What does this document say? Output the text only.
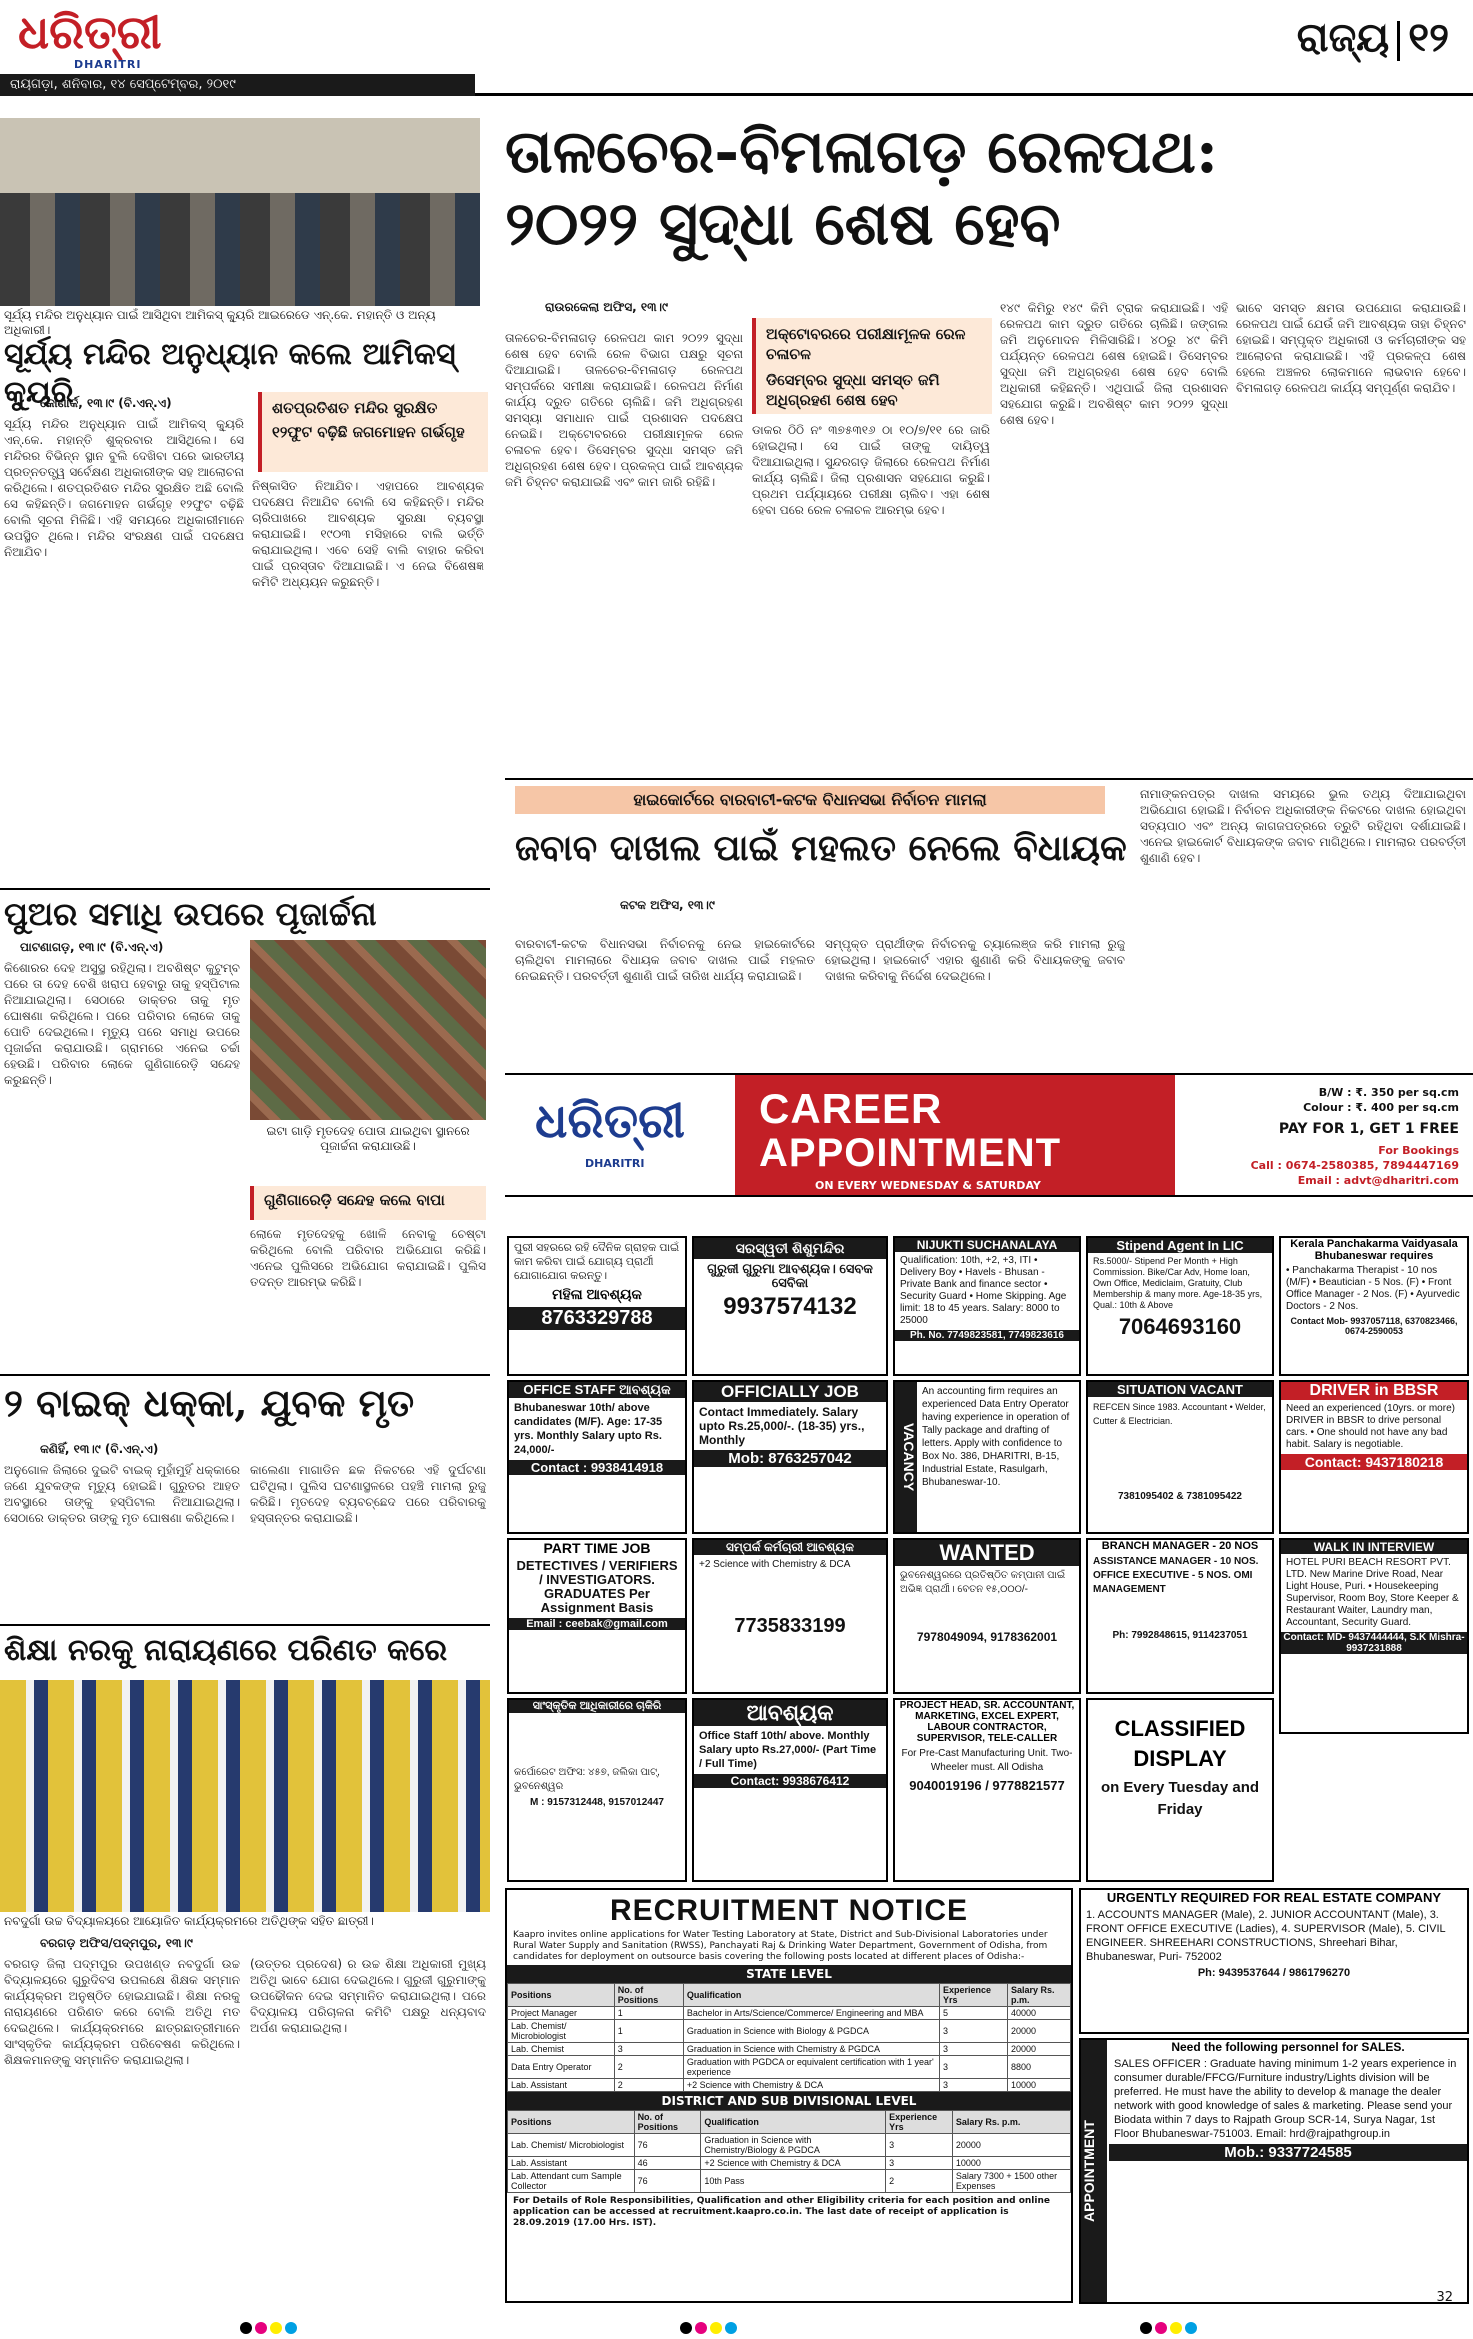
ଧରିତ୍ରୀ
DHARITRI
ରାୟଗଡ଼ା, ଶନିବାର, ୧୪ ସେପ୍ଟେମ୍ବର, ୨୦୧୯
ରାଜ୍ୟ ୧୨
ତାଳଚେର-ବିମଳାଗଡ଼ ରେଳପଥ:
୨୦୨୨ ସୁଦ୍ଧା ଶେଷ ହେବ
ରାଉରକେଲା ଅଫିସ, ୧୩।୯

ଅକ୍ଟୋବରରେ ପରୀକ୍ଷାମୂଳକ ରେଳ ଚଳାଚଳ

ଡିସେମ୍ବର ସୁଦ୍ଧା ସମସ୍ତ ଜମି ଅଧିଗ୍ରହଣ ଶେଷ ହେବ

ତାଳଚେର-ବିମଳାଗଡ଼ ରେଳପଥ କାମ ୨୦୨୨ ସୁଦ୍ଧା ଶେଷ ହେବ ବୋଲି ରେଳ ବିଭାଗ ପକ୍ଷରୁ ସୂଚନା ଦିଆଯାଇଛି। ତାଳଚେର-ବିମଳାଗଡ଼ ରେଳପଥ ସମ୍ପର୍କରେ ସମୀକ୍ଷା କରାଯାଇଛି। ରେଳପଥ ନିର୍ମାଣ କାର୍ଯ୍ୟ ଦ୍ରୁତ ଗତିରେ ଚାଲିଛି। ଜମି ଅଧିଗ୍ରହଣ ସମସ୍ୟା ସମାଧାନ ପାଇଁ ପ୍ରଶାସନ ପଦକ୍ଷେପ ନେଇଛି। ଅକ୍ଟୋବରରେ ପରୀକ୍ଷାମୂଳକ ରେଳ ଚଳାଚଳ ହେବ। ଡିସେମ୍ବର ସୁଦ୍ଧା ସମସ୍ତ ଜମି ଅଧିଗ୍ରହଣ ଶେଷ ହେବ। ପ୍ରକଳ୍ପ ପାଇଁ ଆବଶ୍ୟକ ଜମି ଚିହ୍ନଟ କରାଯାଇଛି ଏବଂ କାମ ଜାରି ରହିଛି।
ଡାକର ଠିଠି ନଂ ୩୭୫୩୧୬ ଠା ୧୦/୭/୧୧ ରେ ଜାରି ହୋଇଥିଲା। ସେ ପାଇଁ ତାଙ୍କୁ ଦାୟିତ୍ୱ ଦିଆଯାଇଥିଲା। ସୁନ୍ଦରଗଡ଼ ଜିଲାରେ ରେଳପଥ ନିର୍ମାଣ କାର୍ଯ୍ୟ ଚାଲିଛି। ଜିଲା ପ୍ରଶାସନ ସହଯୋଗ କରୁଛି। ପ୍ରଥମ ପର୍ଯ୍ୟାୟରେ ପରୀକ୍ଷା ଚାଲିବ। ଏହା ଶେଷ ହେବା ପରେ ରେଳ ଚଳାଚଳ ଆରମ୍ଭ ହେବ।
୧୪୯ କିମିରୁ ୧୪୯ କିମି ଟ୍ରାକ କରାଯାଇଛି। ଏହି ରେଳପଥ କାମ ଦ୍ରୁତ ଗତିରେ ଚାଲିଛି। ଜଙ୍ଗଲ ଜମି ଅନୁମୋଦନ ମିଳିସାରିଛି। ୪୦ରୁ ୪୯ କିମି ପର୍ଯ୍ୟନ୍ତ ରେଳପଥ ଶେଷ ହୋଇଛି। ଡିସେମ୍ବର ସୁଦ୍ଧା ଜମି ଅଧିଗ୍ରହଣ ଶେଷ ହେବ ବୋଲି ଅଧିକାରୀ କହିଛନ୍ତି। ଏଥିପାଇଁ ଜିଲା ପ୍ରଶାସନ ସହଯୋଗ କରୁଛି। ଅବଶିଷ୍ଟ କାମ ୨୦୨୨ ସୁଦ୍ଧା ଶେଷ ହେବ।
ଭାବେ ସମସ୍ତ କ୍ଷମତା ଉପଯୋଗ କରାଯାଉଛି। ରେଳପଥ ପାଇଁ ଯେଉଁ ଜମି ଆବଶ୍ୟକ ତାହା ଚିହ୍ନଟ ହୋଇଛି। ସମ୍ପୃକ୍ତ ଅଧିକାରୀ ଓ କର୍ମଚାରୀଙ୍କ ସହ ଆଲୋଚନା କରାଯାଇଛି। ଏହି ପ୍ରକଳ୍ପ ଶେଷ ହେଲେ ଅଞ୍ଚଳର ଲୋକମାନେ ଲାଭବାନ ହେବେ। ବିମଳାଗଡ଼ ରେଳପଥ କାର୍ଯ୍ୟ ସମ୍ପୂର୍ଣ୍ଣ କରାଯିବ।
ସୂର୍ଯ୍ୟ ମନ୍ଦିର ଅନୁଧ୍ୟାନ ପାଇଁ ଆସିଥିବା ଆମିକସ୍ କ୍ୟୁରି ଆଇରେଡେ ଏନ୍.କେ. ମହାନ୍ତି ଓ ଅନ୍ୟ ଅଧିକାରୀ।
ସୂର୍ଯ୍ୟ ମନ୍ଦିର ଅନୁଧ୍ୟାନ କଲେ ଆମିକସ୍ କ୍ୟୁରି
କୋଣାର୍କ, ୧୩।୯ (ବି.ଏନ୍.ଏ)	ଶତପ୍ରତିଶତ ମନ୍ଦିର ସୁରକ୍ଷିତ

୧୨ଫୁଟ ବଢ଼ିଛି ଜଗମୋହନ ଗର୍ଭଗୃହ

ସୂର୍ଯ୍ୟ ମନ୍ଦିର ଅନୁଧ୍ୟାନ ପାଇଁ ଆମିକସ୍ କ୍ୟୁରି ଏନ୍.କେ. ମହାନ୍ତି ଶୁକ୍ରବାର ଆସିଥିଲେ। ସେ ମନ୍ଦିରର ବିଭିନ୍ନ ସ୍ଥାନ ବୁଲି ଦେଖିବା ପରେ ଭାରତୀୟ ପ୍ରତ୍ନତତ୍ତ୍ୱ ସର୍ବେକ୍ଷଣ ଅଧିକାରୀଙ୍କ ସହ ଆଲୋଚନା କରିଥିଲେ। ଶତପ୍ରତିଶତ ମନ୍ଦିର ସୁରକ୍ଷିତ ଅଛି ବୋଲି ସେ କହିଛନ୍ତି। ଜଗମୋହନ ଗର୍ଭଗୃହ ୧୨ଫୁଟ ବଢ଼ିଛି ବୋଲି ସୂଚନା ମିଳିଛି। ଏହି ସମୟରେ ଅଧିକାରୀମାନେ ଉପସ୍ଥିତ ଥିଲେ। ମନ୍ଦିର ସଂରକ୍ଷଣ ପାଇଁ ପଦକ୍ଷେପ ନିଆଯିବ।
ନିଷ୍କାସିତ ନିଆଯିବ। ଏହାପରେ ଆବଶ୍ୟକ ପଦକ୍ଷେପ ନିଆଯିବ ବୋଲି ସେ କହିଛନ୍ତି। ମନ୍ଦିର ଚାରିପାଖରେ ଆବଶ୍ୟକ ସୁରକ୍ଷା ବ୍ୟବସ୍ଥା କରାଯାଇଛି। ୧୯୦୩ ମସିହାରେ ବାଲି ଭର୍ତ୍ତି କରାଯାଇଥିଲା। ଏବେ ସେହି ବାଲି ବାହାର କରିବା ପାଇଁ ପ୍ରସ୍ତାବ ଦିଆଯାଇଛି। ଏ ନେଇ ବିଶେଷଜ୍ଞ କମିଟି ଅଧ୍ୟୟନ କରୁଛନ୍ତି।
ପୁଅର ସମାଧି ଉପରେ ପୂଜାର୍ଚ୍ଚନା
ପାଟଣାଗଡ଼, ୧୩।୯ (ବି.ଏନ୍.ଏ)
କିଶୋରର ଦେହ ଅସୁସ୍ଥ ରହିଥିଲା। ଅବଶିଷ୍ଟ କୁଟୁମ୍ବ ପରେ ତା ଦେହ ବେଶି ଖରାପ ହେବାରୁ ତାକୁ ହସ୍ପିଟାଲ ନିଆଯାଇଥିଲା। ସେଠାରେ ଡାକ୍ତର ତାକୁ ମୃତ ଘୋଷଣା କରିଥିଲେ। ପରେ ପରିବାର ଲୋକେ ତାକୁ ପୋତି ଦେଇଥିଲେ। ମୃତ୍ୟୁ ପରେ ସମାଧି ଉପରେ ପୂଜାର୍ଚ୍ଚନା କରାଯାଉଛି। ଗ୍ରାମରେ ଏନେଇ ଚର୍ଚ୍ଚା ହେଉଛି। ପରିବାର ଲୋକେ ଗୁଣିଗାରେଡ଼ି ସନ୍ଦେହ କରୁଛନ୍ତି।
ଇଟା ଗାଡ଼ି ମୃତଦେହ ପୋତା ଯାଇଥିବା ସ୍ଥାନରେ ପୂଜାର୍ଚ୍ଚନା କରାଯାଉଛି।

ଗୁଣିଗାରେଡ଼ି ସନ୍ଦେହ କଲେ ବାପା

ଲୋକେ ମୃତଦେହକୁ ଖୋଳି ନେବାକୁ ଚେଷ୍ଟା କରିଥିଲେ ବୋଲି ପରିବାର ଅଭିଯୋଗ କରିଛି। ଏନେଇ ପୁଲିସରେ ଅଭିଯୋଗ କରାଯାଇଛି। ପୁଲିସ ତଦନ୍ତ ଆରମ୍ଭ କରିଛି।
୨ ବାଇକ୍ ଧକ୍କା, ଯୁବକ ମୃତ
କଣିହିଁ, ୧୩।୯ (ବି.ଏନ୍.ଏ)
ଅନୁଗୋଳ ଜିଲାରେ ଦୁଇଟି ବାଇକ୍ ମୁହାଁମୁହିଁ ଧକ୍କାରେ ଜଣେ ଯୁବକଙ୍କ ମୃତ୍ୟୁ ହୋଇଛି। ଗୁରୁତର ଆହତ ଅବସ୍ଥାରେ ତାଙ୍କୁ ହସ୍ପିଟାଲ ନିଆଯାଇଥିଲା। ସେଠାରେ ଡାକ୍ତର ତାଙ୍କୁ ମୃତ ଘୋଷଣା କରିଥିଲେ।
କାଲେଣା ମାଗାଡିନ ଛକ ନିକଟରେ ଏହି ଦୁର୍ଘଟଣା ଘଟିଥିଲା। ପୁଲିସ ଘଟଣାସ୍ଥଳରେ ପହଞ୍ଚି ମାମଲା ରୁଜୁ କରିଛି। ମୃତଦେହ ବ୍ୟବଚ୍ଛେଦ ପରେ ପରିବାରକୁ ହସ୍ତାନ୍ତର କରାଯାଇଛି।
ଶିକ୍ଷା ନରକୁ ନାରାୟଣରେ ପରିଣତ କରେ
ନବଦୁର୍ଗା ଉଚ୍ଚ ବିଦ୍ୟାଳୟରେ ଆୟୋଜିତ କାର୍ଯ୍ୟକ୍ରମରେ ଅତିଥିଙ୍କ ସହିତ ଛାତ୍ରୀ।
ବରଗଡ଼ ଅଫିସ/ପଦ୍ମପୁର, ୧୩।୯
ବରଗଡ଼ ଜିଲା ପଦ୍ମପୁର ଉପଖଣ୍ଡ ନବଦୁର୍ଗା ଉଚ୍ଚ ବିଦ୍ୟାଳୟରେ ଗୁରୁଦିବସ ଉପଲକ୍ଷେ ଶିକ୍ଷକ ସମ୍ମାନ କାର୍ଯ୍ୟକ୍ରମ ଅନୁଷ୍ଠିତ ହୋଇଯାଇଛି। ଶିକ୍ଷା ନରକୁ ନାରାୟଣରେ ପରିଣତ କରେ ବୋଲି ଅତିଥି ମତ ଦେଇଥିଲେ। କାର୍ଯ୍ୟକ୍ରମରେ ଛାତ୍ରଛାତ୍ରୀମାନେ ସାଂସ୍କୃତିକ କାର୍ଯ୍ୟକ୍ରମ ପରିବେଷଣ କରିଥିଲେ। ଶିକ୍ଷକମାନଙ୍କୁ ସମ୍ମାନିତ କରାଯାଇଥିଲା।
(ଉତ୍ତର ପ୍ରଦେଶ) ର ଉଚ୍ଚ ଶିକ୍ଷା ଅଧିକାରୀ ମୁଖ୍ୟ ଅତିଥି ଭାବେ ଯୋଗ ଦେଇଥିଲେ। ଗୁରୁଜୀ ଗୁରୁମାଙ୍କୁ ଉପଢୌକନ ଦେଇ ସମ୍ମାନିତ କରାଯାଇଥିଲା। ପରେ ବିଦ୍ୟାଳୟ ପରିଚାଳନା କମିଟି ପକ୍ଷରୁ ଧନ୍ୟବାଦ ଅର୍ପଣ କରାଯାଇଥିଲା।
ହାଇକୋର୍ଟରେ ବାରବାଟୀ-କଟକ ବିଧାନସଭା ନିର୍ବାଚନ ମାମଲା
ଜବାବ ଦାଖଲ ପାଇଁ ମହଲତ ନେଲେ ବିଧାୟକ
କଟକ ଅଫିସ, ୧୩।୯
ବାରବାଟୀ-କଟକ ବିଧାନସଭା ନିର୍ବାଚନକୁ ନେଇ ହାଇକୋର୍ଟରେ ଚାଲିଥିବା ମାମଲାରେ ବିଧାୟକ ଜବାବ ଦାଖଲ ପାଇଁ ମହଲତ ନେଇଛନ୍ତି। ପରବର୍ତ୍ତୀ ଶୁଣାଣି ପାଇଁ ତାରିଖ ଧାର୍ଯ୍ୟ କରାଯାଇଛି।
ସମ୍ପୃକ୍ତ ପ୍ରାର୍ଥୀଙ୍କ ନିର୍ବାଚନକୁ ଚ୍ୟାଲେଞ୍ଜ କରି ମାମଲା ରୁଜୁ ହୋଇଥିଲା। ହାଇକୋର୍ଟ ଏହାର ଶୁଣାଣି କରି ବିଧାୟକଙ୍କୁ ଜବାବ ଦାଖଲ କରିବାକୁ ନିର୍ଦ୍ଦେଶ ଦେଇଥିଲେ।
ନାମାଙ୍କନପତ୍ର ଦାଖଲ ସମୟରେ ଭୁଲ ତଥ୍ୟ ଦିଆଯାଇଥିବା ଅଭିଯୋଗ ହୋଇଛି। ନିର୍ବାଚନ ଅଧିକାରୀଙ୍କ ନିକଟରେ ଦାଖଲ ହୋଇଥିବା ସତ୍ୟପାଠ ଏବଂ ଅନ୍ୟ କାଗଜପତ୍ରରେ ତ୍ରୁଟି ରହିଥିବା ଦର୍ଶାଯାଇଛି। ଏନେଇ ହାଇକୋର୍ଟ ବିଧାୟକଙ୍କ ଜବାବ ମାଗିଥିଲେ। ମାମଲାର ପରବର୍ତ୍ତୀ ଶୁଣାଣି ହେବ।
ଧରିତ୍ରୀ
DHARITRI
CAREER
APPOINTMENT
ON EVERY WEDNESDAY & SATURDAY
B/W : ₹. 350 per sq.cm
Colour : ₹. 400 per sq.cm
PAY FOR 1, GET 1 FREE
For Bookings
Call : 0674-2580385, 7894447169
Email : advt@dharitri.com
ପୁରୀ ସହରରେ ରହି ଦୈନିକ ଗ୍ରାହକ ପାଇଁ କାମ କରିବା ପାଇଁ ଯୋଗ୍ୟ ପ୍ରାର୍ଥୀ ଯୋଗାଯୋଗ କରନ୍ତୁ।
ମହିଳା ଆବଶ୍ୟକ
8763329788
ସରସ୍ୱତୀ ଶିଶୁମନ୍ଦିର
ଗୁରୁଜୀ ଗୁରୁମା ଆବଶ୍ୟକ। ସେବକ ସେବିକା
9937574132
NIJUKTI SUCHANALAYA
Qualification: 10th, +2, +3, ITI • Delivery Boy • Havels - Bhusan - Private Bank and finance sector • Security Guard • Home Skipping. Age limit: 18 to 45 years. Salary: 8000 to 25000
Ph. No. 7749823581, 7749823616
Stipend Agent In LIC
Rs.5000/- Stipend Per Month + High Commission. Bike/Car Adv, Home loan, Own Office, Mediclaim, Gratuity, Club Membership & many more. Age-18-35 yrs, Qual.: 10th & Above
7064693160
Kerala Panchakarma Vaidyasala Bhubaneswar requires
• Panchakarma Therapist - 10 nos (M/F) • Beautician - 5 Nos. (F) • Front Office Manager - 2 Nos. (F) • Ayurvedic Doctors - 2 Nos.
Contact Mob- 9937057118, 6370823466, 0674-2590053
OFFICE STAFF ଆବଶ୍ୟକ
Bhubaneswar 10th/ above candidates (M/F). Age: 17-35 yrs. Monthly Salary upto Rs. 24,000/-
Contact : 9938414918
OFFICIALLY JOB
Contact Immediately. Salary upto Rs.25,000/-. (18-35) yrs., Monthly
Mob: 8763257042	VACANCY
An accounting firm requires an experienced Data Entry Operator having experience in operation of Tally package and drafting of letters. Apply with confidence to Box No. 386, DHARITRI, B-15, Industrial Estate, Rasulgarh, Bhubaneswar-10.
SITUATION VACANT
REFCEN Since 1983. Accountant • Welder, Cutter & Electrician.
7381095402 & 7381095422
DRIVER in BBSR
Need an experienced (10yrs. or more) DRIVER in BBSR to drive personal cars. • One should not have any bad habit. Salary is negotiable.
Contact: 9437180218
PART TIME JOB
DETECTIVES / VERIFIERS / INVESTIGATORS. GRADUATES Per Assignment Basis
Email : ceebak@gmail.com
ସମ୍ପର୍କ କର୍ମଚାରୀ ଆବଶ୍ୟକ
+2 Science with Chemistry & DCA
7735833199
WANTED
ଭୁବନେଶ୍ୱରରେ ପ୍ରତିଷ୍ଠିତ କମ୍ପାନୀ ପାଇଁ ଅଭିଜ୍ଞ ପ୍ରାର୍ଥୀ। ବେତନ ୧୫,୦୦୦/-
7978049094, 9178362001
BRANCH MANAGER - 20 NOS
ASSISTANCE MANAGER - 10 NOS. OFFICE EXECUTIVE - 5 NOS. OMI MANAGEMENT
Ph: 7992848615, 9114237051
WALK IN INTERVIEW
HOTEL PURI BEACH RESORT PVT. LTD. New Marine Drive Road, Near Light House, Puri. • Housekeeping Supervisor, Room Boy, Store Keeper & Restaurant Waiter, Laundry man, Accountant, Security Guard.
Contact: MD- 9437444444, S.K Mishra- 9937231888
ସାଂସ୍କୃତିକ ଆଧିକାରୀରେ ଚାକିରି
କର୍ପୋରେଟ ଅଫିସ: ୪୫୭, ଜଲିକା ପାଟ୍‌, ଭୁବନେଶ୍ୱର
M : 9157312448, 9157012447
ଆବଶ୍ୟକ
Office Staff 10th/ above. Monthly Salary upto Rs.27,000/- (Part Time / Full Time)
Contact: 9938676412
PROJECT HEAD, SR. ACCOUNTANT, MARKETING, EXCEL EXPERT, LABOUR CONTRACTOR, SUPERVISOR, TELE-CALLER
For Pre-Cast Manufacturing Unit. Two-Wheeler must. All Odisha
9040019196 / 9778821577
CLASSIFIED DISPLAY
on Every Tuesday and Friday
RECRUITMENT NOTICE
Kaapro invites online applications for Water Testing Laboratory at State, District and Sub-Divisional Laboratories under Rural Water Supply and Sanitation (RWSS), Panchayati Raj & Drinking Water Department, Government of Odisha, from candidates for deployment on outsource basis covering the following posts located at different places of Odisha:-
STATE LEVEL
Positions	No. of Positions	Qualification	Experience Yrs	Salary Rs. p.m.
Project Manager	1	Bachelor in Arts/Science/Commerce/ Engineering and MBA	5	40000
Lab. Chemist/ Microbiologist	1	Graduation in Science with Biology & PGDCA	3	20000
Lab. Chemist	3	Graduation in Science with Chemistry & PGDCA	3	20000
Data Entry Operator	2	Graduation with PGDCA or equivalent certification with 1 year' experience	3	8800
Lab. Assistant	2	+2 Science with Chemistry & DCA	3	10000
DISTRICT AND SUB DIVISIONAL LEVEL
Positions	No. of Positions	Qualification	Experience Yrs	Salary Rs. p.m.
Lab. Chemist/ Microbiologist	76	Graduation in Science with Chemistry/Biology & PGDCA	3	20000
Lab. Assistant	46	+2 Science with Chemistry & DCA	3	10000
Lab. Attendant cum Sample Collector	76	10th Pass	2	Salary 7300 + 1500 other Expenses
For Details of Role Responsibilities, Qualification and other Eligibility criteria for each position and online application can be accessed at recruitment.kaapro.co.in. The last date of receipt of application is 28.09.2019 (17.00 Hrs. IST).
URGENTLY REQUIRED FOR REAL ESTATE COMPANY
1. ACCOUNTS MANAGER (Male), 2. JUNIOR ACCOUNTANT (Male), 3. FRONT OFFICE EXECUTIVE (Ladies), 4. SUPERVISOR (Male), 5. CIVIL ENGINEER. SHREEHARI CONSTRUCTIONS, Shreehari Bihar, Bhubaneswar, Puri- 752002
Ph: 9439537644 / 9861796270
APPOINTMENT
Need the following personnel for SALES.
SALES OFFICER : Graduate having minimum 1-2 years experience in consumer durable/FFCG/Furniture industry/Lights division will be preferred. He must have the ability to develop & manage the dealer network with good knowledge of sales & marketing. Please send your Biodata within 7 days to Rajpath Group SCR-14, Surya Nagar, 1st Floor Bhubaneswar-751003. Email: hrd@rajpathgroup.in
Mob.: 9337724585
32
